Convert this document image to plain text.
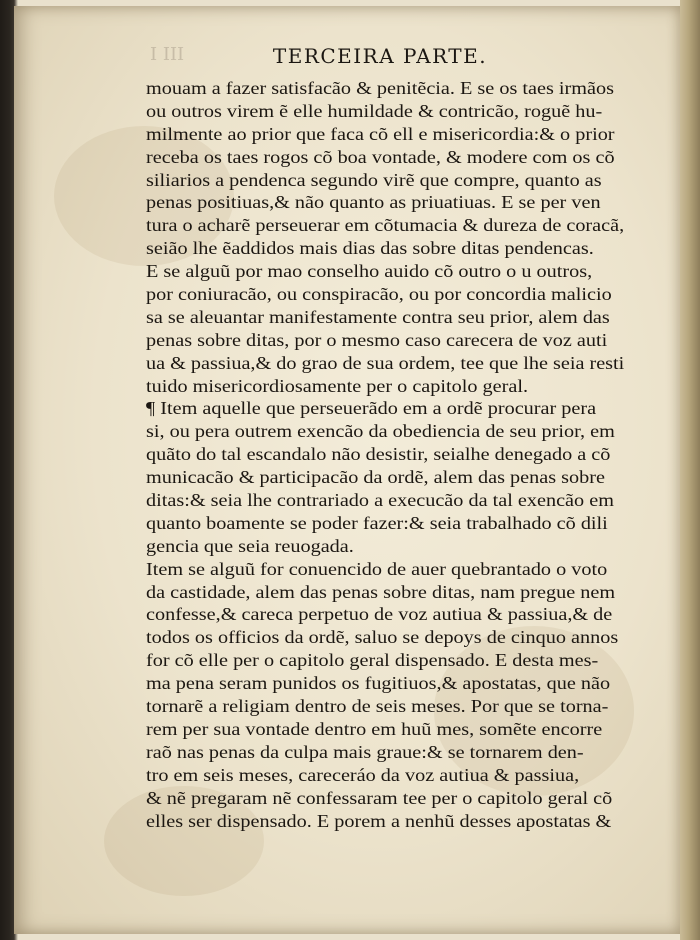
I III	TERCEIRA PARTE.
mouam a fazer satisfacão & penitẽcia. E se os taes irmãos
ou outros virem ẽ elle humildade & contricão, roguẽ hu-
milmente ao prior que faca cõ ell e misericordia:& o prior
receba os taes rogos cõ boa vontade, & modere com os cõ
siliarios a pendenca segundo virẽ que compre, quanto as
penas positiuas,& não quanto as priuatiuas. E se per ven
tura o acharẽ perseuerar em cõtumacia & dureza de coracã,
seião lhe ẽaddidos mais dias das sobre ditas pendencas.
E se alguũ por mao conselho auido cõ outro o u outros,
por coniuracão, ou conspiracão, ou por concordia malicio
sa se aleuantar manifestamente contra seu prior, alem das
penas sobre ditas, por o mesmo caso carecera de voz auti
ua & passiua,& do grao de sua ordem, tee que lhe seia resti
tuido misericordiosamente per o capitolo geral.
¶ Item aquelle que perseuerãdo em a ordẽ procurar pera
si, ou pera outrem exencão da obediencia de seu prior, em
quãto do tal escandalo não desistir, seialhe denegado a cõ
municacão & participacão da ordẽ, alem das penas sobre
ditas:& seia lhe contrariado a execucão da tal exencão em
quanto boamente se poder fazer:& seia trabalhado cõ dili
gencia que seia reuogada.
Item se alguũ for conuencido de auer quebrantado o voto
da castidade, alem das penas sobre ditas, nam pregue nem
confesse,& careca perpetuo de voz autiua & passiua,& de
todos os officios da ordẽ, saluo se depoys de cinquo annos
for cõ elle per o capitolo geral dispensado. E desta mes-
ma pena seram punidos os fugitiuos,& apostatas, que não
tornarẽ a religiam dentro de seis meses. Por que se torna-
rem per sua vontade dentro em huũ mes, somẽte encorre
raõ nas penas da culpa mais graue:& se tornarem den-
tro em seis meses, careceráo da voz autiua & passiua,
& nẽ pregaram nẽ confessaram tee per o capitolo geral cõ
elles ser dispensado. E porem a nenhũ desses apostatas &
